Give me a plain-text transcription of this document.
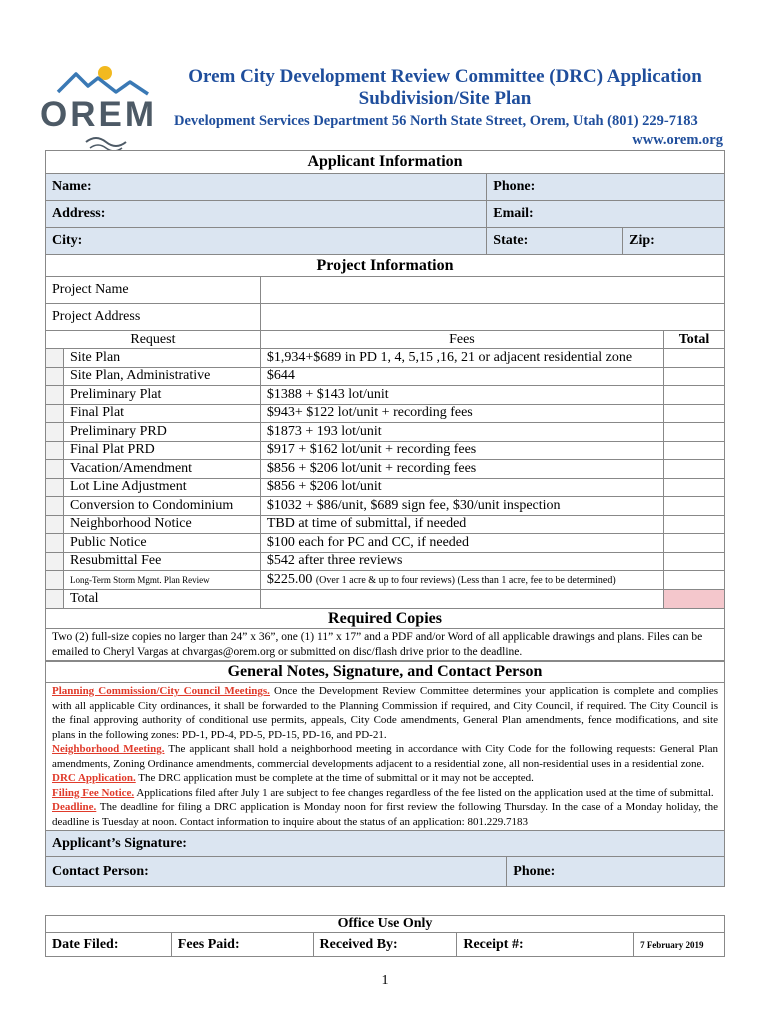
OREM
Orem City Development Review Committee (DRC) Application
Subdivision/Site Plan
Development Services Department 56 North State Street, Orem, Utah (801) 229-7183
www.orem.org
Applicant Information		
Name:	Phone:	
Address:	Email:	
City:	State:	Zip:
Project Information			
Project Name			
Project Address			
Request		Fees	Total
	Site Plan	$1,934+$689 in PD 1, 4, 5,15 ,16, 21 or adjacent residential zone	
	Site Plan, Administrative	$644	
	Preliminary Plat	$1388 + $143 lot/unit	
	Final Plat	$943+ $122 lot/unit + recording fees	
	Preliminary PRD	$1873 + 193 lot/unit	
	Final Plat PRD	$917 + $162 lot/unit + recording fees	
	Vacation/Amendment	$856 + $206 lot/unit + recording fees	
	Lot Line Adjustment	$856 + $206 lot/unit	
	Conversion to Condominium	$1032 + $86/unit, $689 sign fee, $30/unit inspection	
	Neighborhood Notice	TBD at time of submittal, if needed	
	Public Notice	$100 each for PC and CC, if needed	
	Resubmittal Fee	$542 after three reviews	
	Long-Term Storm Mgmt. Plan Review	$225.00 (Over 1 acre & up to four reviews) (Less than 1 acre, fee to be determined)	
	Total		
Required Copies
Two (2) full-size copies no larger than 24” x 36”, one (1) 11” x 17” and a PDF and/or Word of all applicable drawings and plans. Files can be emailed to Cheryl Vargas at chvargas@orem.org or submitted on disc/flash drive prior to the deadline.
General Notes, Signature, and Contact Person

Planning Commission/City Council Meetings. Once the Development Review Committee determines your application is complete and complies with all applicable City ordinances, it shall be forwarded to the Planning Commission if required, and City Council, if required. The City Council is the final approving authority of conditional use permits, appeals, City Code amendments, General Plan amendments, fence modifications, and site plans in the following zones: PD-1, PD-4, PD-5, PD-15, PD-16, and PD-21.
Neighborhood Meeting. The applicant shall hold a neighborhood meeting in accordance with City Code for the following requests: General Plan amendments, Zoning Ordinance amendments, commercial developments adjacent to a residential zone, all non-residential uses in a residential zone.
DRC Application. The DRC application must be complete at the time of submittal or it may not be accepted.
Filing Fee Notice. Applications filed after July 1 are subject to fee changes regardless of the fee listed on the application used at the time of submittal.
Deadline. The deadline for filing a DRC application is Monday noon for first review the following Thursday. In the case of a Monday holiday, the deadline is Tuesday at noon. Contact information to inquire about the status of an application: 801.229.7183

Applicant’s Signature:
Contact Person:	Phone:
Office Use Only
Date Filed:	Fees Paid:	Received By:	Receipt #:	7 February 2019
1
